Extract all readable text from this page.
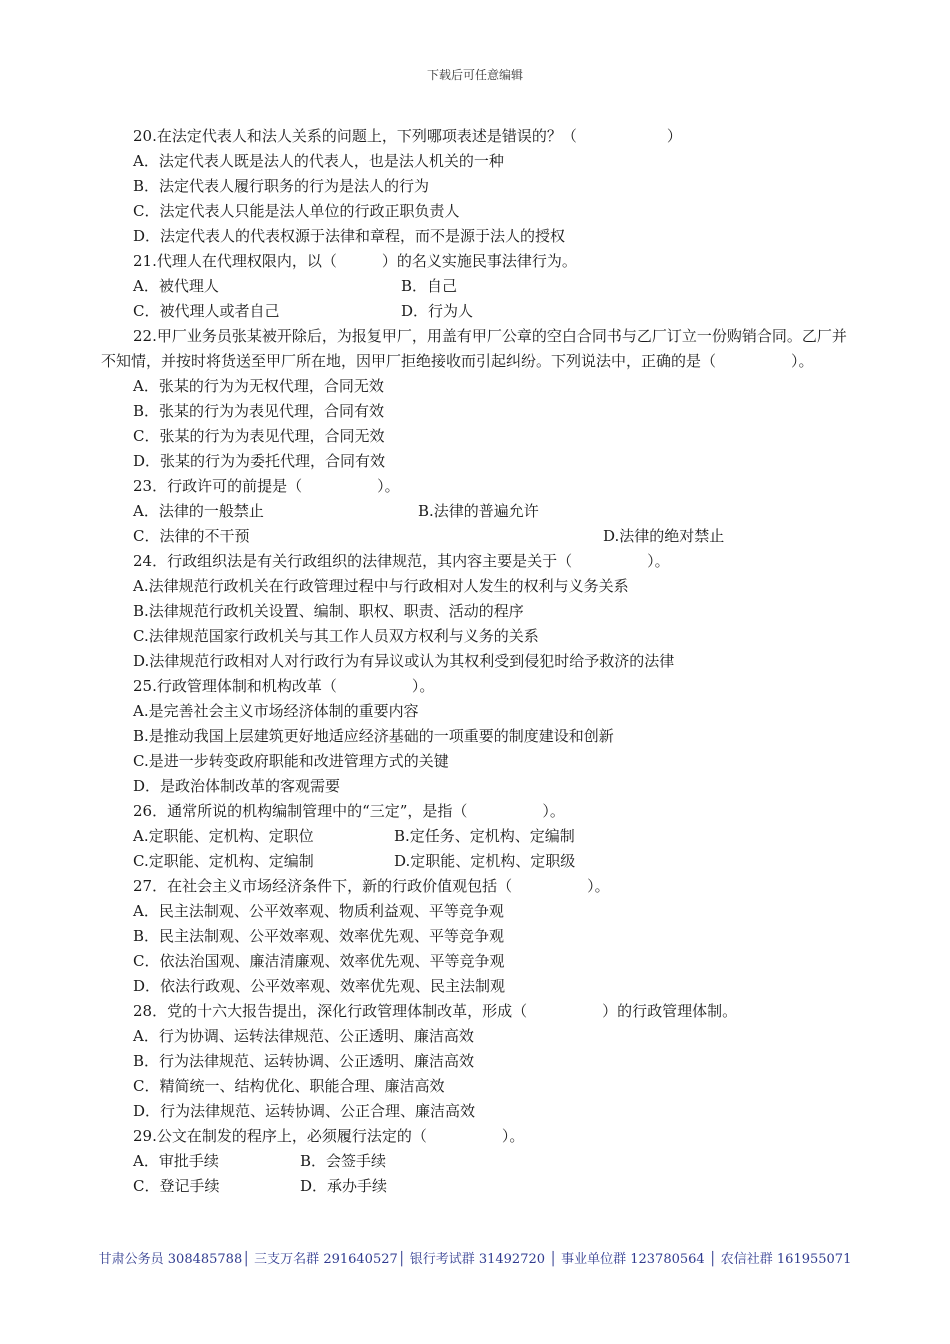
下载后可任意编辑
20.在法定代表人和法人关系的问题上，下列哪项表述是错误的？（　　　　　　）
A．法定代表人既是法人的代表人，也是法人机关的一种
B．法定代表人履行职务的行为是法人的行为
C．法定代表人只能是法人单位的行政正职负责人
D．法定代表人的代表权源于法律和章程，而不是源于法人的授权
21.代理人在代理权限内，以（　　　）的名义实施民事法律行为。
A．被代理人	B．自己
C．被代理人或者自己	D．行为人
22.甲厂业务员张某被开除后，为报复甲厂，用盖有甲厂公章的空白合同书与乙厂订立一份购销合同。乙厂并不知情，并按时将货送至甲厂所在地，因甲厂拒绝接收而引起纠纷。下列说法中，正确的是（　　　　　）。
A．张某的行为为无权代理，合同无效
B．张某的行为为表见代理，合同有效
C．张某的行为为表见代理，合同无效
D．张某的行为为委托代理，合同有效
23．行政许可的前提是（　　　　　）。
A．法律的一般禁止	B.法律的普遍允许
C．法律的不干预	D.法律的绝对禁止
24．行政组织法是有关行政组织的法律规范，其内容主要是关于（　　　　　）。
A.法律规范行政机关在行政管理过程中与行政相对人发生的权利与义务关系
B.法律规范行政机关设置、编制、职权、职责、活动的程序
C.法律规范国家行政机关与其工作人员双方权利与义务的关系
D.法律规范行政相对人对行政行为有异议或认为其权利受到侵犯时给予救济的法律
25.行政管理体制和机构改革（　　　　　）。
A.是完善社会主义市场经济体制的重要内容
B.是推动我国上层建筑更好地适应经济基础的一项重要的制度建设和创新
C.是进一步转变政府职能和改进管理方式的关键
D．是政治体制改革的客观需要
26．通常所说的机构编制管理中的“三定”，是指（　　　　　）。
A.定职能、定机构、定职位	B.定任务、定机构、定编制
C.定职能、定机构、定编制	D.定职能、定机构、定职级
27．在社会主义市场经济条件下，新的行政价值观包括（　　　　　）。
A．民主法制观、公平效率观、物质利益观、平等竞争观
B．民主法制观、公平效率观、效率优先观、平等竞争观
C．依法治国观、廉洁清廉观、效率优先观、平等竞争观
D．依法行政观、公平效率观、效率优先观、民主法制观
28．党的十六大报告提出，深化行政管理体制改革，形成（　　　　　）的行政管理体制。
A．行为协调、运转法律规范、公正透明、廉洁高效
B．行为法律规范、运转协调、公正透明、廉洁高效
C．精简统一、结构优化、职能合理、廉洁高效
D．行为法律规范、运转协调、公正合理、廉洁高效
29.公文在制发的程序上，必须履行法定的（　　　　　）。
A．审批手续	B．会签手续
C．登记手续	D．承办手续
甘肃公务员 308485788│ 三支万名群 291640527│ 银行考试群 31492720 │ 事业单位群 123780564 │ 农信社群 161955071
